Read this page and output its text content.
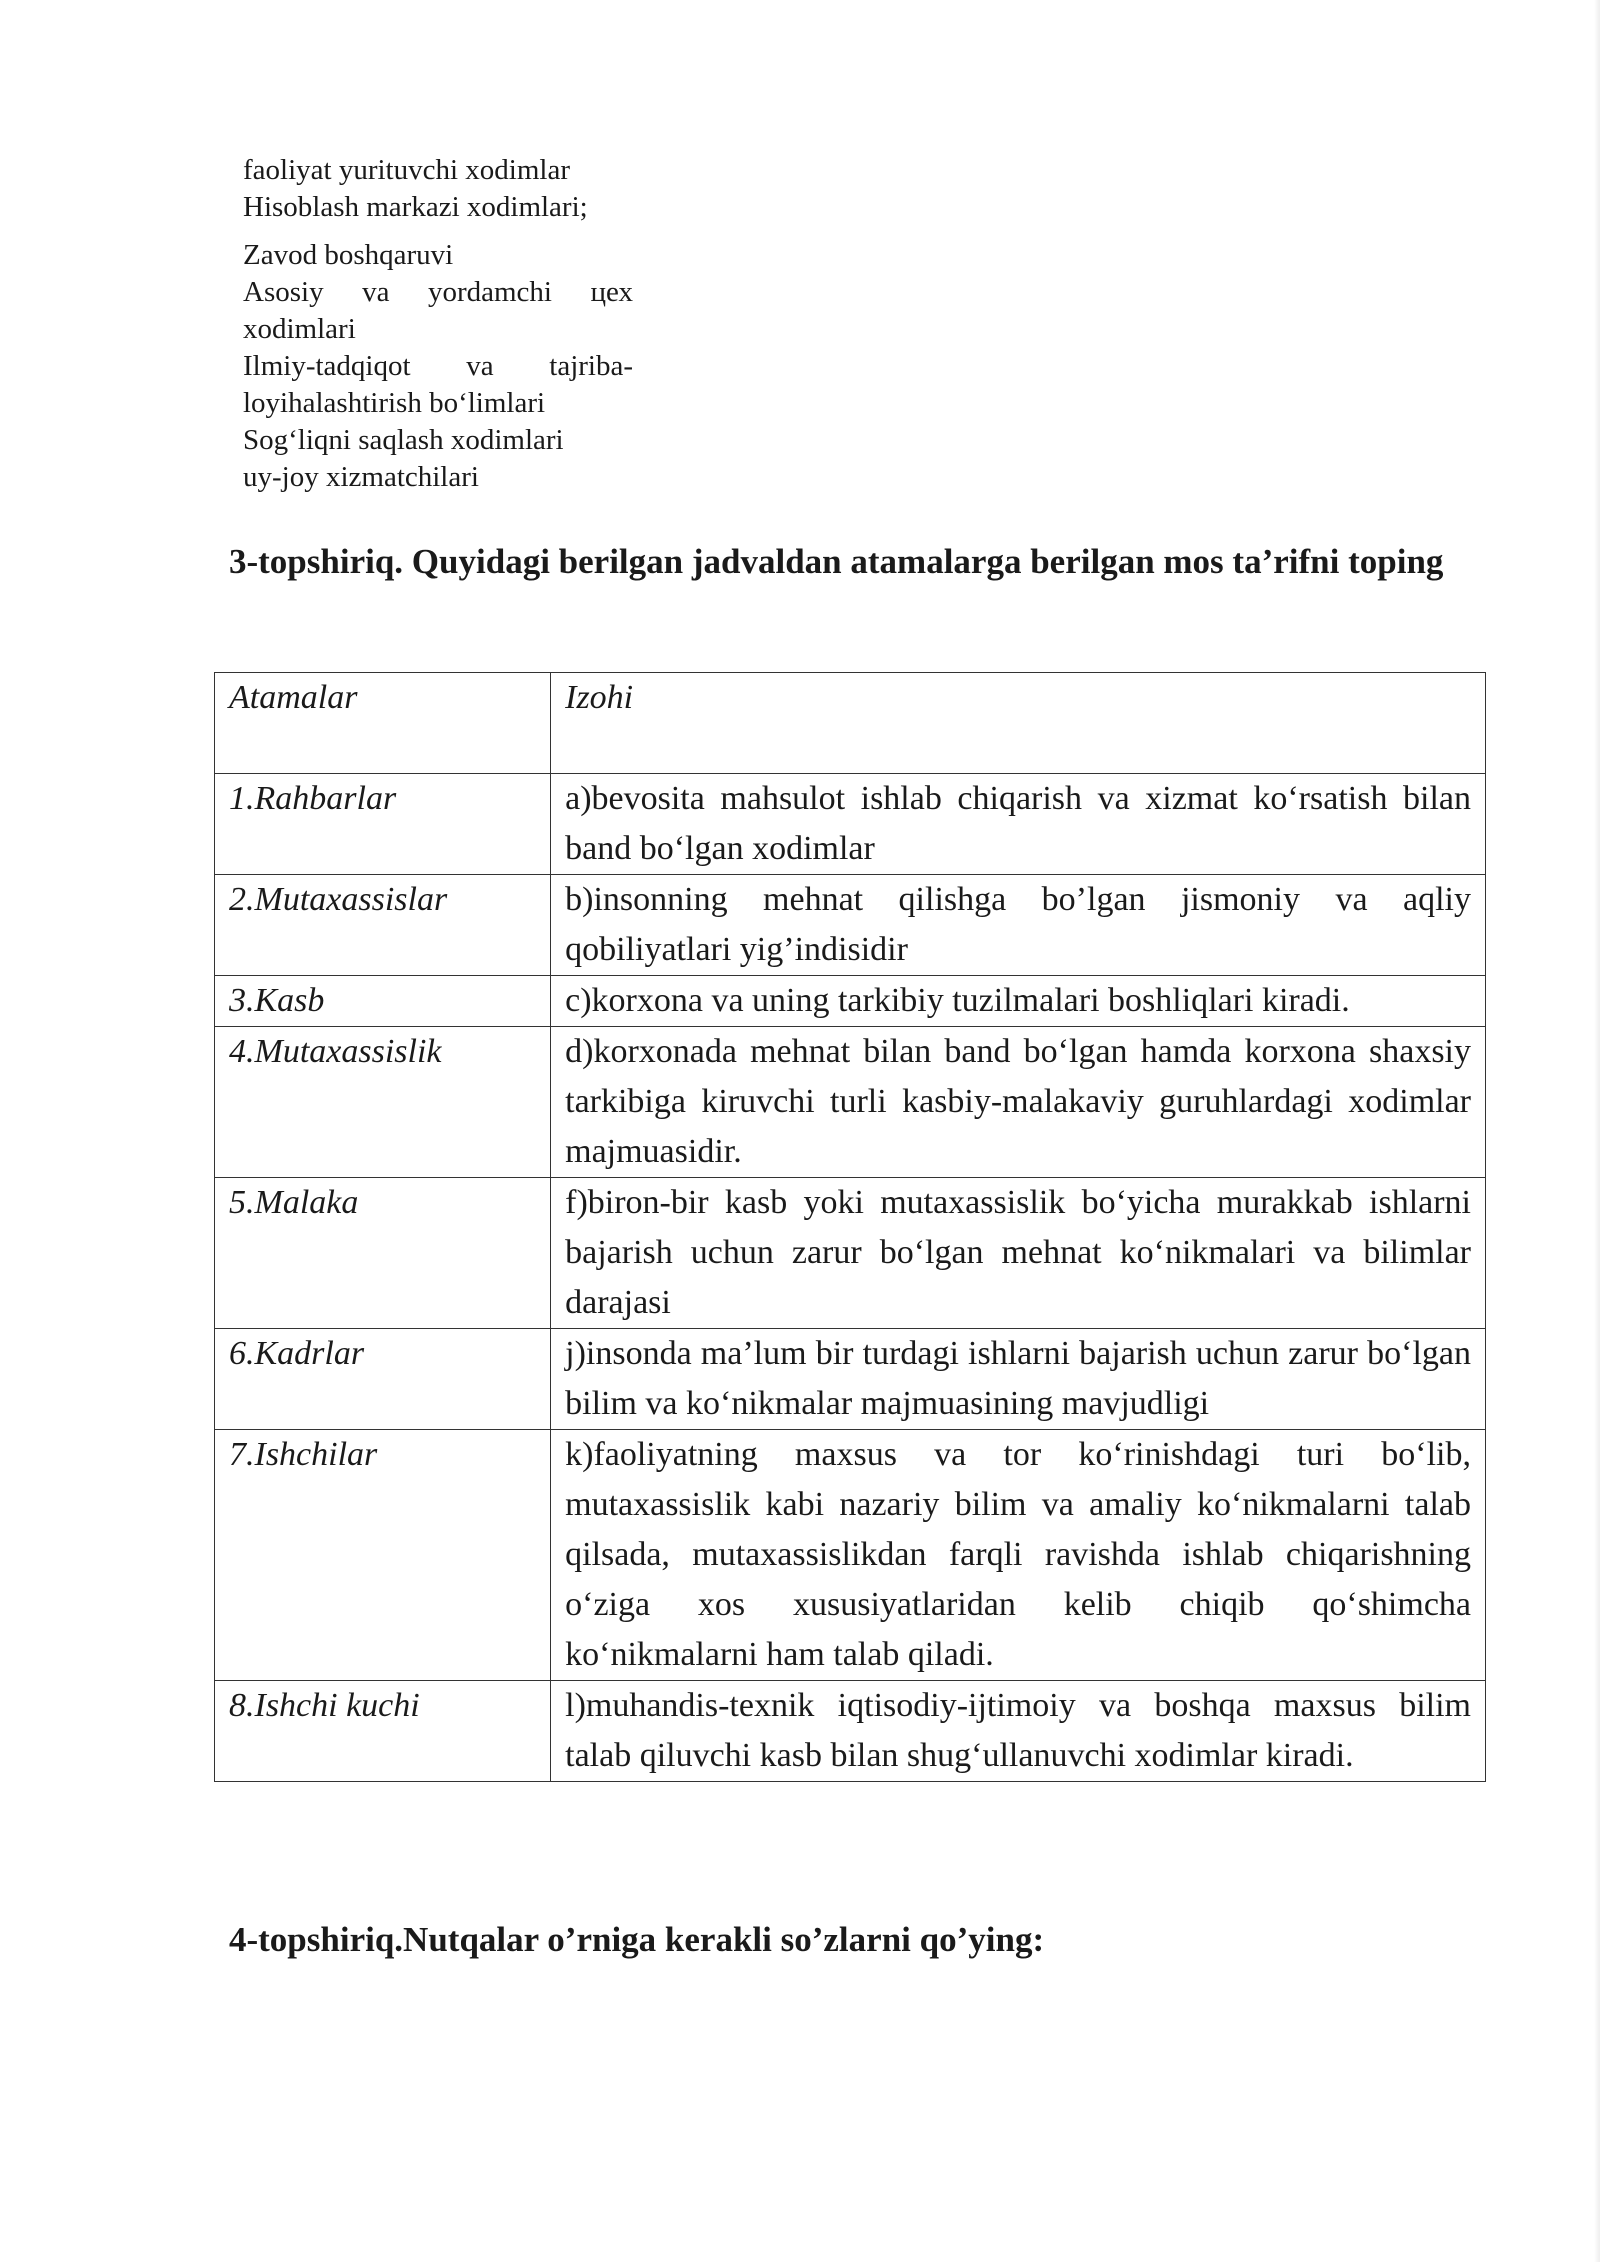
faoliyat yurituvchi xodimlar
Hisoblash markazi xodimlari;
Zavod boshqaruvi
Asosiy va yordamchi цех
xodimlari
Ilmiy-tadqiqot va tajriba-
loyihalashtirish bo‘limlari
Sog‘liqni saqlash xodimlari
uy-joy xizmatchilari
3-topshiriq. Quyidagi berilgan jadvaldan atamalarga berilgan mos ta’rifni toping
Atamalar	Izohi
1.Rahbarlar	a)bevosita mahsulot ishlab chiqarish va xizmat ko‘rsatish bilan band bo‘lgan xodimlar
2.Mutaxassislar	b)insonning mehnat qilishga bo’lgan jismoniy va aqliy qobiliyatlari yig’indisidir
3.Kasb	c)korxona va uning tarkibiy tuzilmalari boshliqlari kiradi.
4.Mutaxassislik	d)korxonada mehnat bilan band bo‘lgan hamda korxona shaxsiy tarkibiga kiruvchi turli kasbiy-malakaviy guruhlardagi xodimlar majmuasidir.
5.Malaka	f)biron-bir kasb yoki mutaxassislik bo‘yicha murakkab ishlarni bajarish uchun zarur bo‘lgan mehnat ko‘nikmalari va bilimlar darajasi
6.Kadrlar	j)insonda ma’lum bir turdagi ishlarni bajarish uchun zarur bo‘lgan bilim va ko‘nikmalar majmuasining mavjudligi
7.Ishchilar	k)faoliyatning maxsus va tor ko‘rinishdagi turi bo‘lib, mutaxassislik kabi nazariy bilim va amaliy ko‘nikmalarni talab qilsada, mutaxassislikdan farqli ravishda ishlab chiqarishning o‘ziga xos xususiyatlaridan kelib chiqib qo‘shimcha ko‘nikmalarni ham talab qiladi.
8.Ishchi kuchi	l)muhandis-texnik iqtisodiy-ijtimoiy va boshqa maxsus bilim talab qiluvchi kasb bilan shug‘ullanuvchi xodimlar kiradi.
4-topshiriq.Nutqalar o’rniga kerakli so’zlarni qo’ying:
